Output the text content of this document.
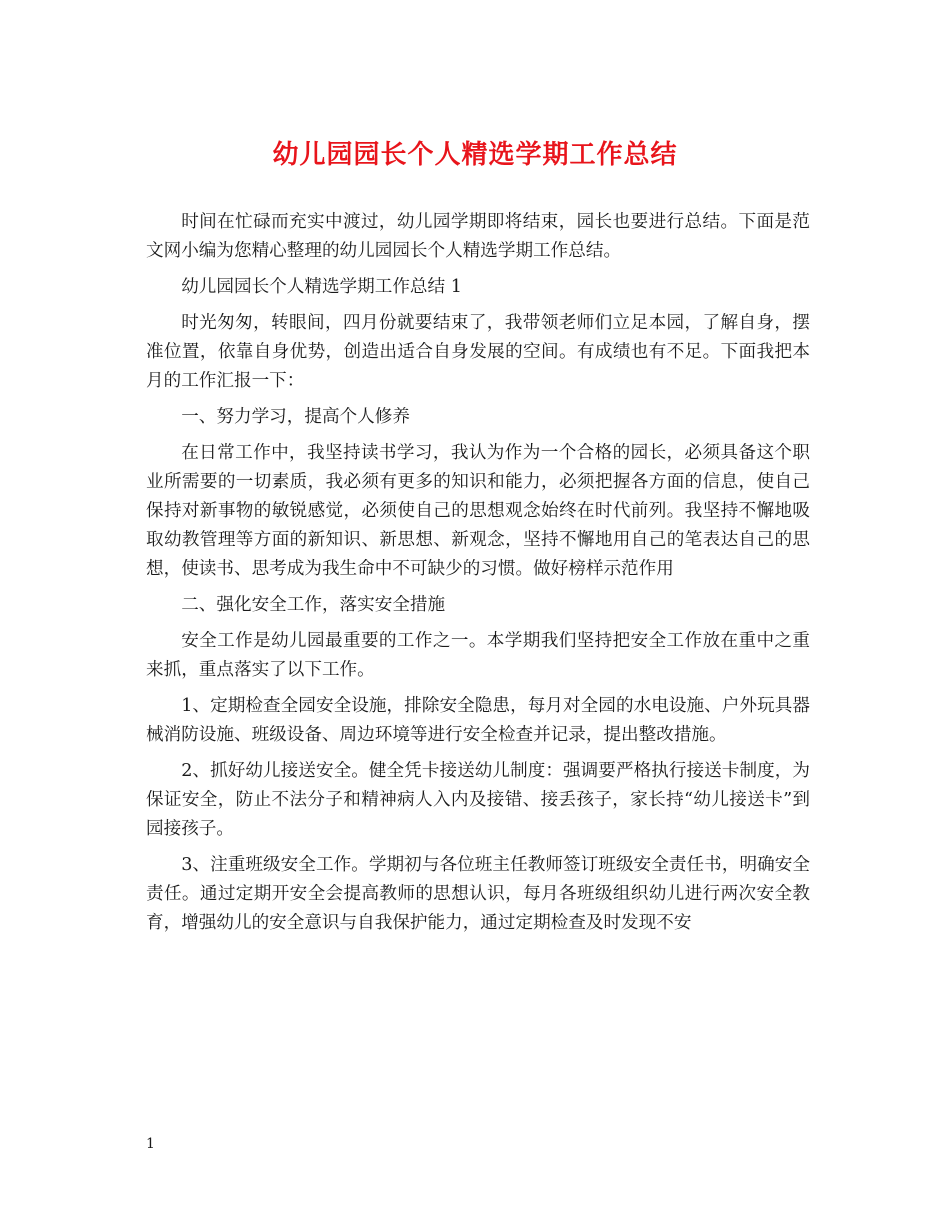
幼儿园园长个人精选学期工作总结

时间在忙碌而充实中渡过，幼儿园学期即将结束，园长也要进行总结。下面是范文网小编为您精心整理的幼儿园园长个人精选学期工作总结。

幼儿园园长个人精选学期工作总结 1

时光匆匆，转眼间，四月份就要结束了，我带领老师们立足本园，了解自身，摆准位置，依靠自身优势，创造出适合自身发展的空间。有成绩也有不足。下面我把本月的工作汇报一下：

一、努力学习，提高个人修养

在日常工作中，我坚持读书学习，我认为作为一个合格的园长，必须具备这个职业所需要的一切素质，我必须有更多的知识和能力，必须把握各方面的信息，使自己保持对新事物的敏锐感觉，必须使自己的思想观念始终在时代前列。我坚持不懈地吸取幼教管理等方面的新知识、新思想、新观念，坚持不懈地用自己的笔表达自己的思想，使读书、思考成为我生命中不可缺少的习惯。做好榜样示范作用

二、强化安全工作，落实安全措施

安全工作是幼儿园最重要的工作之一。本学期我们坚持把安全工作放在重中之重来抓，重点落实了以下工作。

1、定期检查全园安全设施，排除安全隐患，每月对全园的水电设施、户外玩具器械消防设施、班级设备、周边环境等进行安全检查并记录，提出整改措施。

2、抓好幼儿接送安全。健全凭卡接送幼儿制度：强调要严格执行接送卡制度，为保证安全，防止不法分子和精神病人入内及接错、接丢孩子，家长持“幼儿接送卡”到园接孩子。

3、注重班级安全工作。学期初与各位班主任教师签订班级安全责任书，明确安全责任。通过定期开安全会提高教师的思想认识，每月各班级组织幼儿进行两次安全教育，增强幼儿的安全意识与自我保护能力，通过定期检查及时发现不安

1
